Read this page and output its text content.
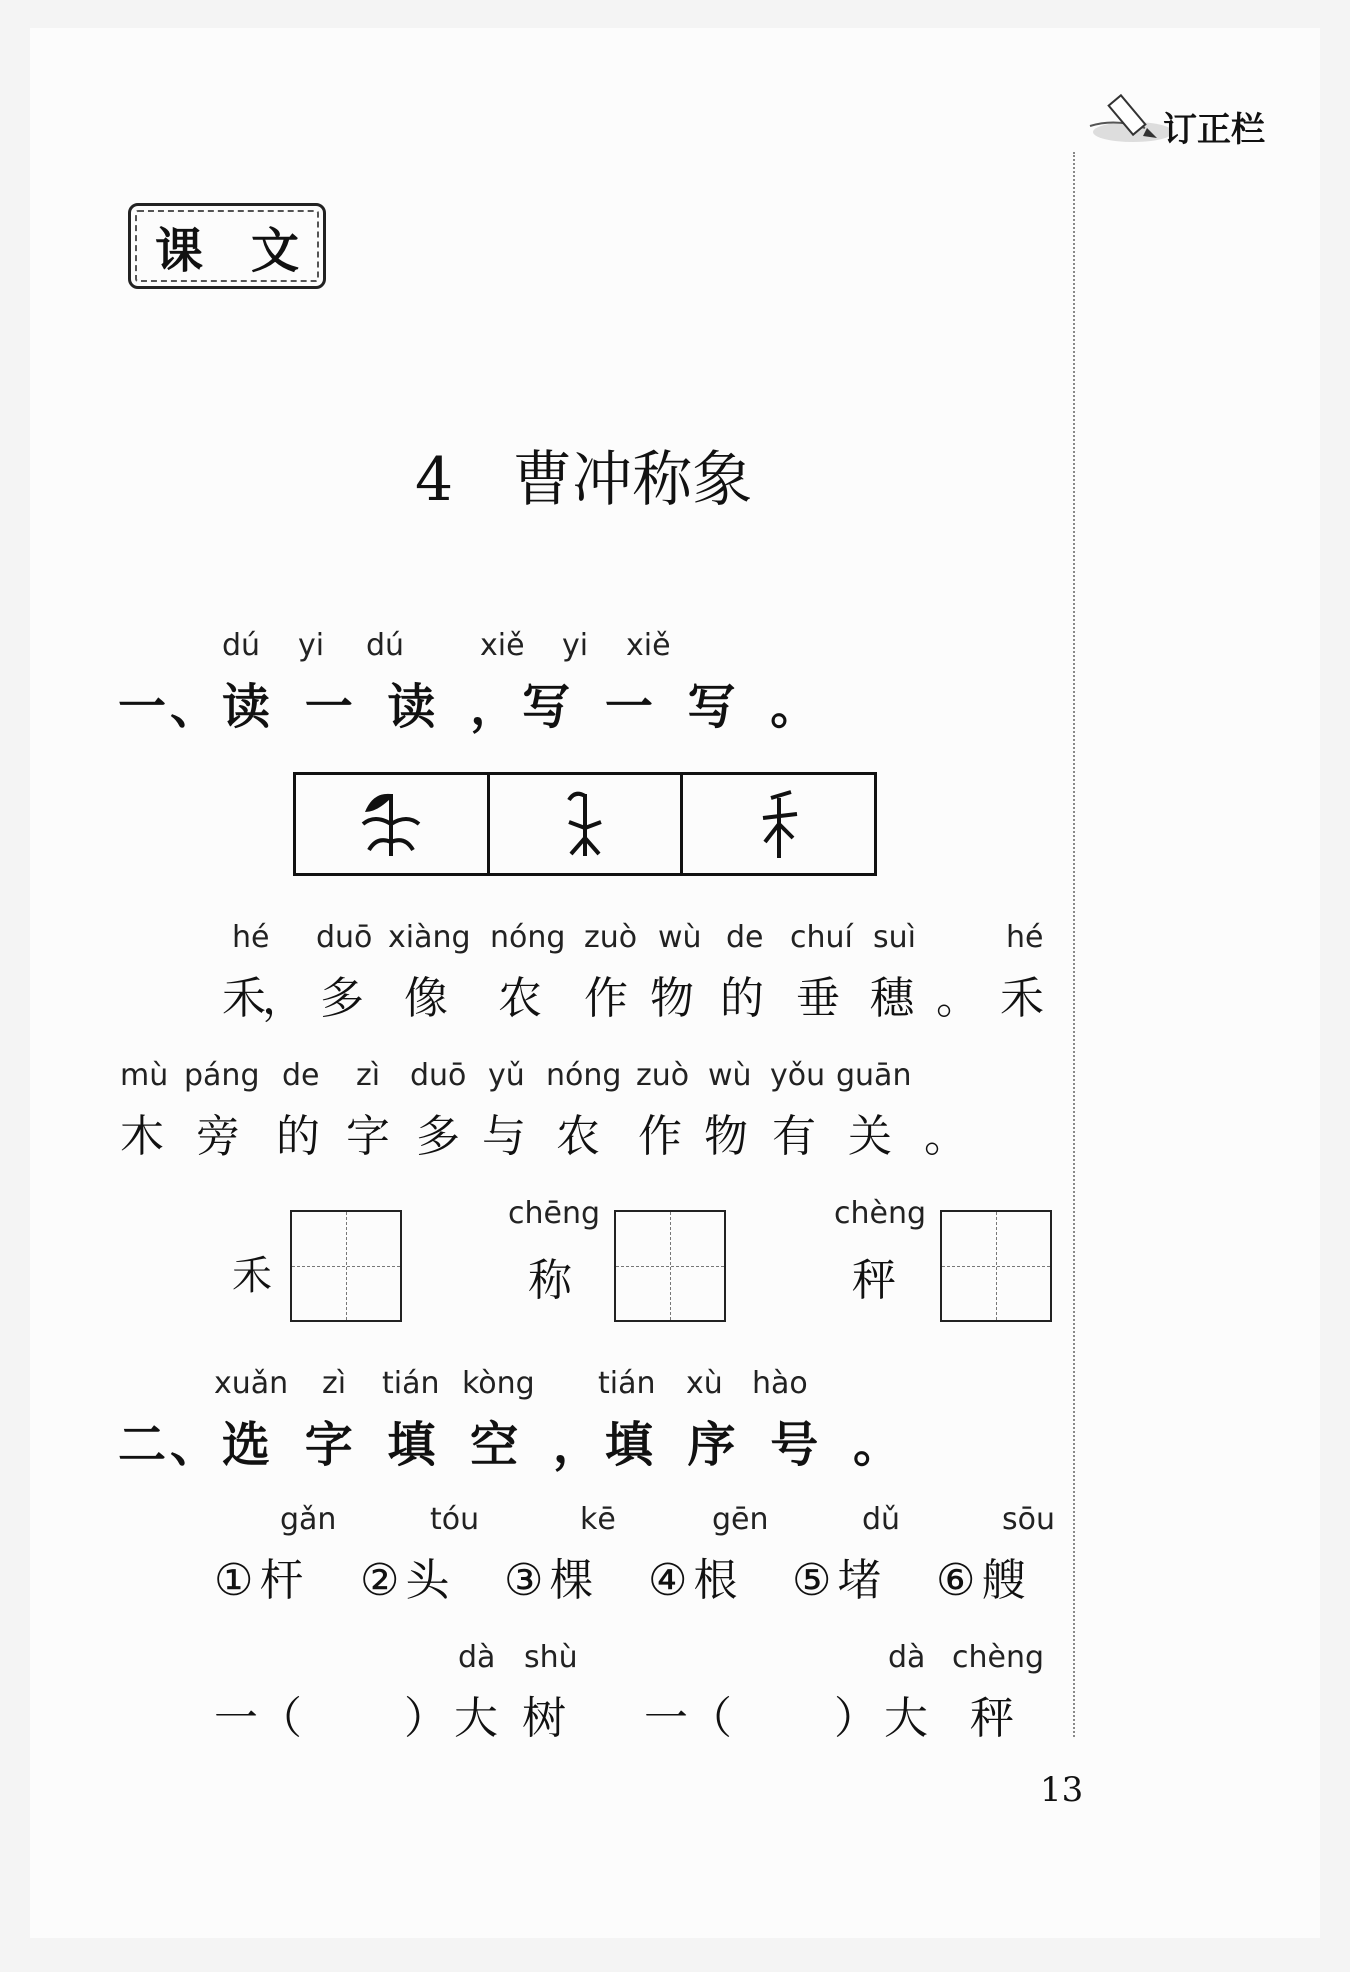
订正栏
课 文
4 曹冲称象
dú yi dú	xiě yi xiě
一、读 一 读 ，写 一 写 。
hé duō xiàng nóng zuò wù de chuí suì	hé
禾
， 多 像 农 作 物 的 垂 穗 。 禾
mù páng de zì duō yǔ nóng zuò wù yǒu guān
木 旁 的 字 多 与 农 作 物 有 关 。
禾
chēng
称
chèng
秤
xuǎn zì tián kòng tián xù hào
二、选 字 填 空 ，填 序 号 。
gǎn
① 杆
tóu
② 头
kē
③ 棵
gēn
④ 根
dǔ
⑤ 堵
sōu
⑥ 艘
dà shù
一（ ） 大 树
dà chèng
一（ ） 大 秤
13
